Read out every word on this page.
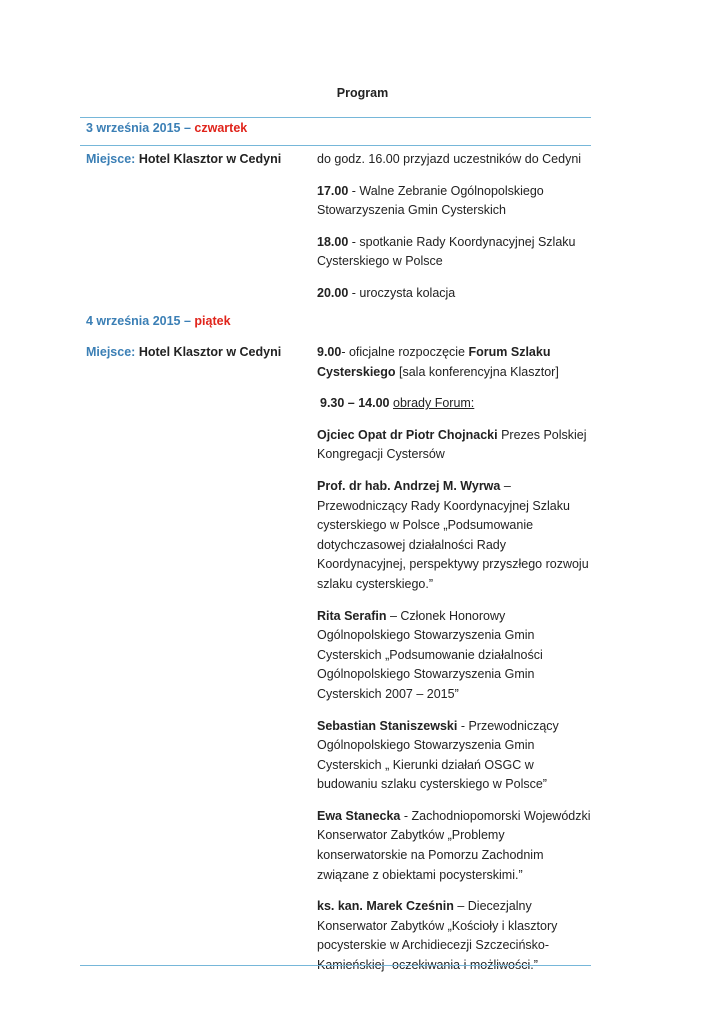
Program
3 września 2015 – czwartek
Miejsce: Hotel Klasztor w Cedyni	do godz. 16.00 przyjazd uczestników do Cedyni

17.00 - Walne Zebranie Ogólnopolskiego Stowarzyszenia Gmin Cysterskich

18.00 - spotkanie Rady Koordynacyjnej Szlaku Cysterskiego w Polsce

20.00 - uroczysta kolacja

4 września 2015 – piątek
Miejsce: Hotel Klasztor w Cedyni	9.00- oficjalne rozpoczęcie Forum Szlaku Cysterskiego [sala konferencyjna Klasztor]

9.30 – 14.00 obrady Forum:

Ojciec Opat dr Piotr Chojnacki Prezes Polskiej Kongregacji Cystersów

Prof. dr hab. Andrzej M. Wyrwa – Przewodniczący Rady Koordynacyjnej Szlaku cysterskiego w Polsce „Podsumowanie dotychczasowej działalności Rady Koordynacyjnej, perspektywy przyszłego rozwoju szlaku cysterskiego.”

Rita Serafin – Członek Honorowy Ogólnopolskiego Stowarzyszenia Gmin Cysterskich „Podsumowanie działalności Ogólnopolskiego Stowarzyszenia Gmin Cysterskich 2007 – 2015”

Sebastian Staniszewski - Przewodniczący Ogólnopolskiego Stowarzyszenia Gmin Cysterskich „ Kierunki działań OSGC w budowaniu szlaku cysterskiego w Polsce”

Ewa Stanecka - Zachodniopomorski Wojewódzki Konserwator Zabytków „Problemy konserwatorskie na Pomorzu Zachodnim związane z obiektami pocysterskimi.”

ks. kan. Marek Cześnin – Diecezjalny Konserwator Zabytków „Kościoły i klasztory pocysterskie w Archidiecezji Szczecińsko-Kamieńskiej- oczekiwania i możliwości.”
